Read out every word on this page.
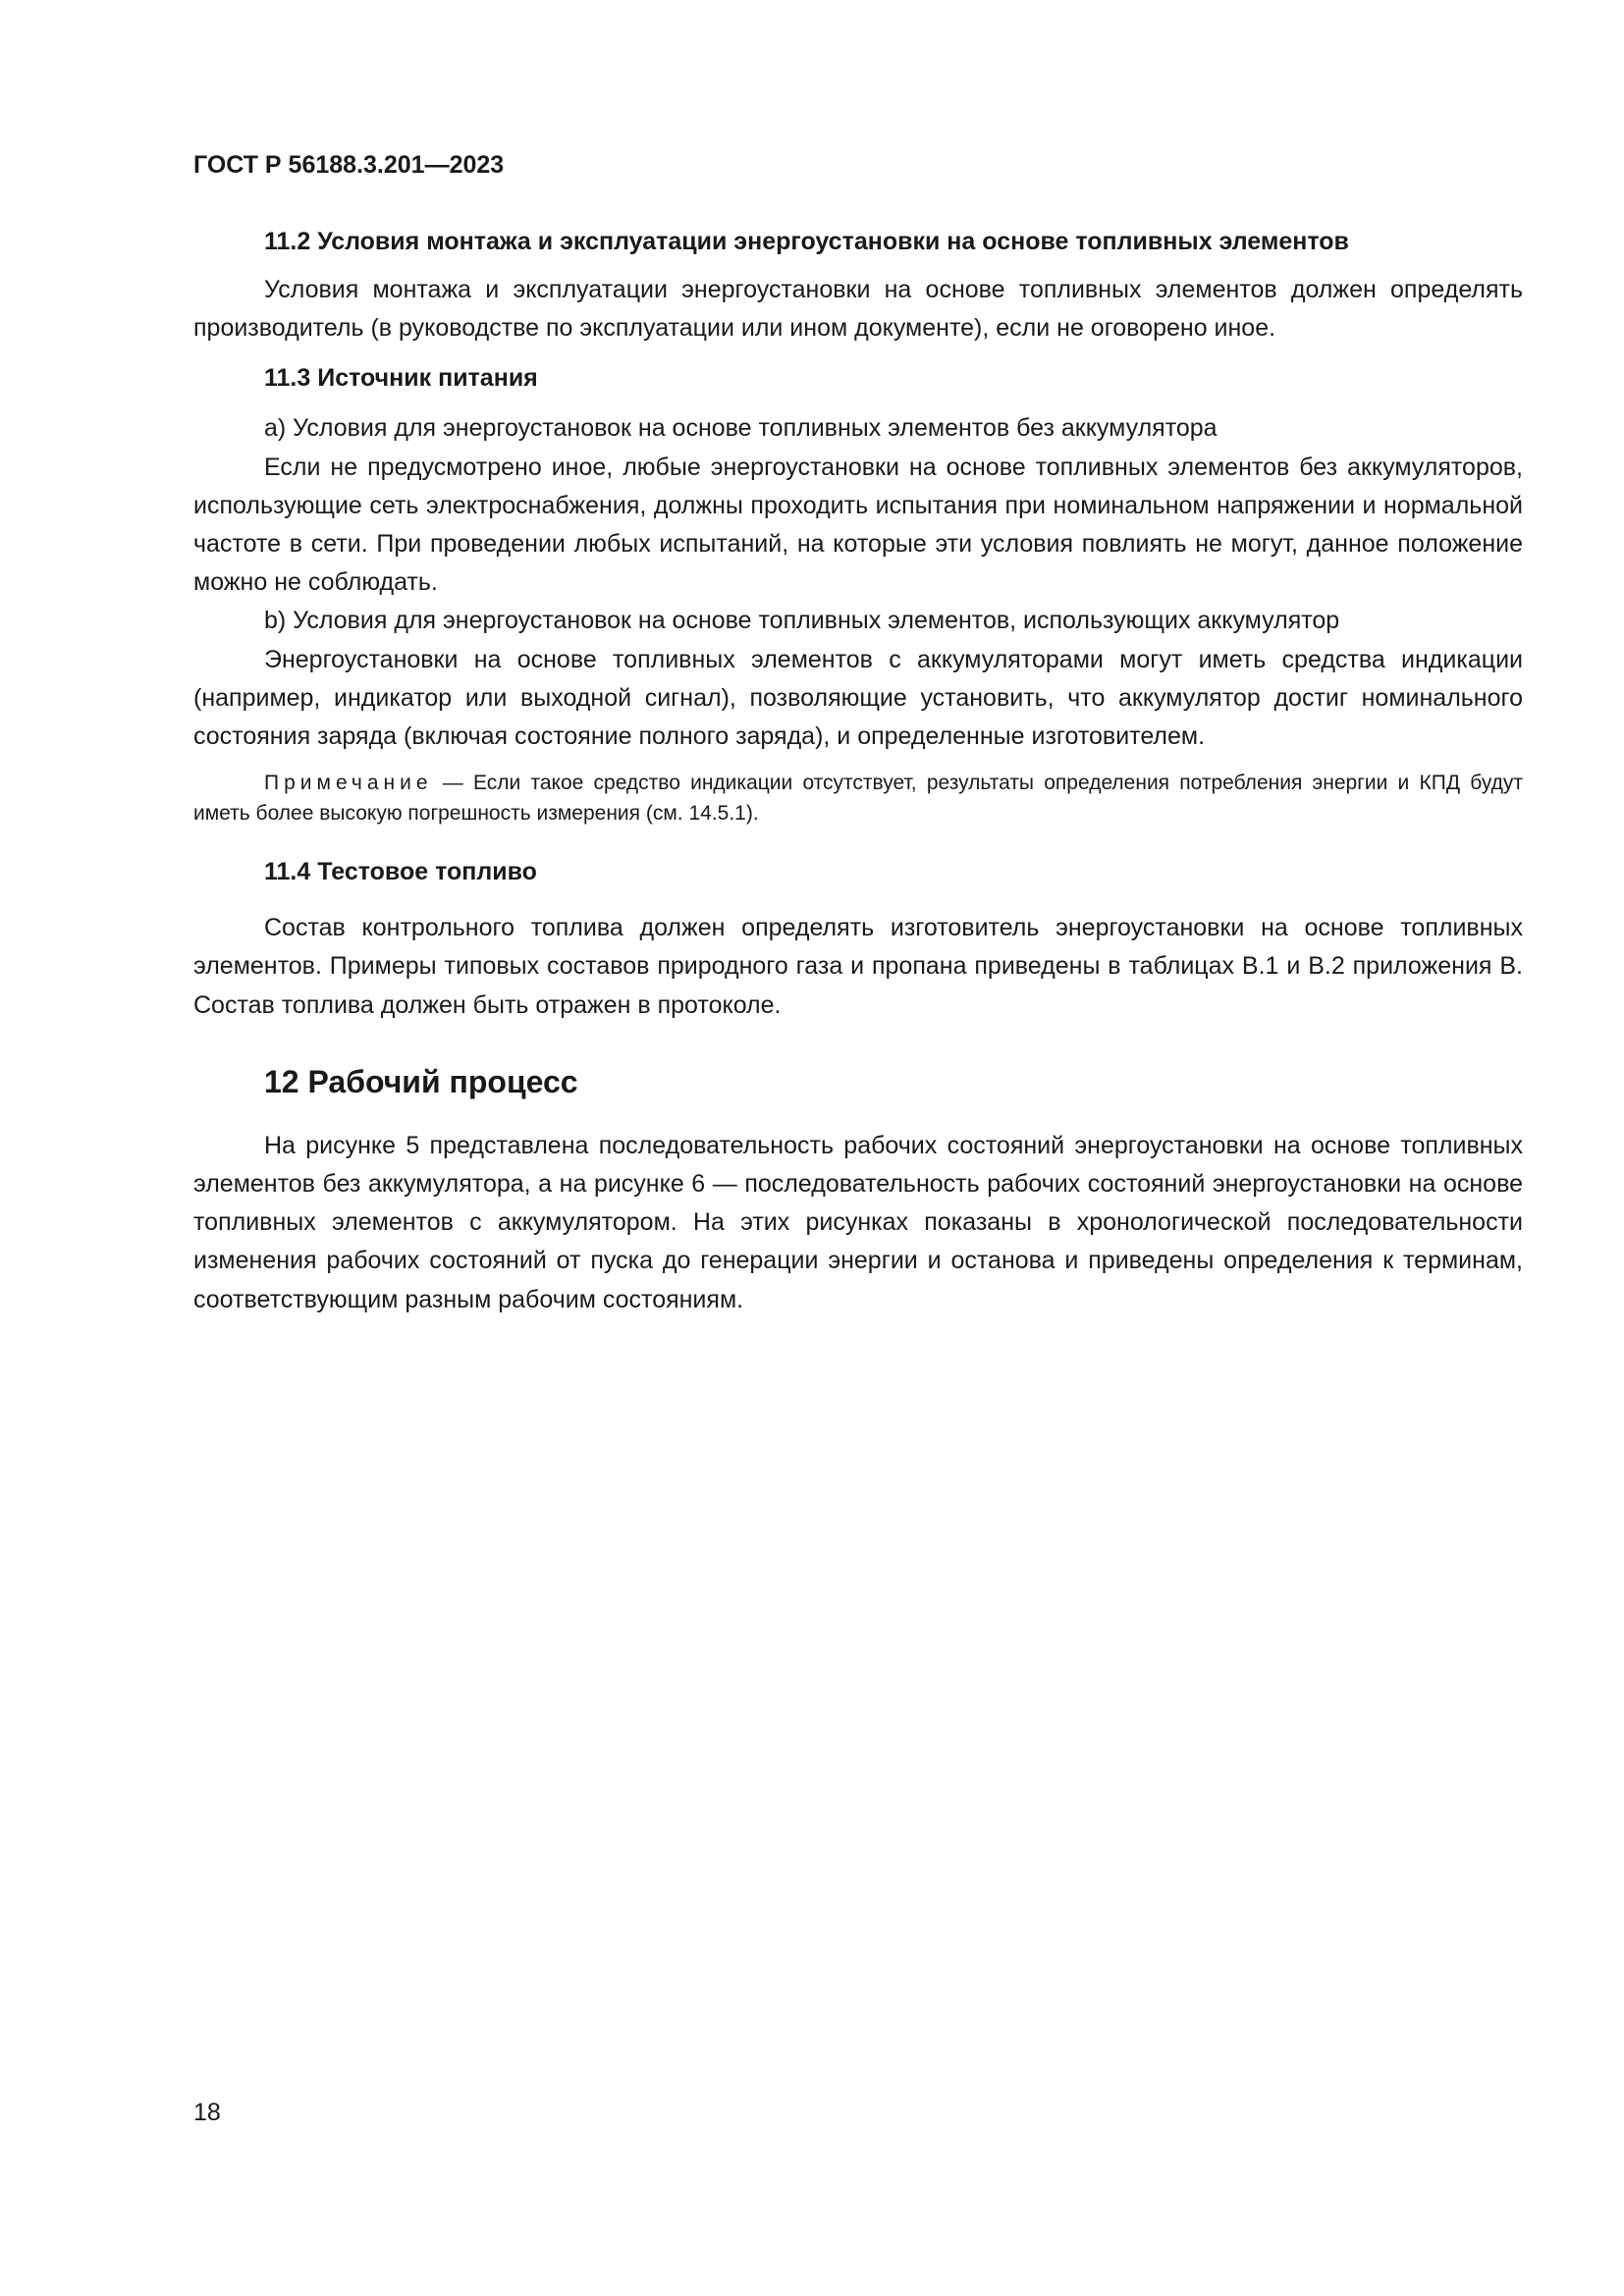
ГОСТ Р 56188.3.201—2023

11.2 Условия монтажа и эксплуатации энергоустановки на основе топливных элементов

Условия монтажа и эксплуатации энергоустановки на основе топливных элементов должен определять производитель (в руководстве по эксплуатации или ином документе), если не оговорено иное.

11.3 Источник питания

a) Условия для энергоустановок на основе топливных элементов без аккумулятора

Если не предусмотрено иное, любые энергоустановки на основе топливных элементов без аккумуляторов, использующие сеть электроснабжения, должны проходить испытания при номинальном напряжении и нормальной частоте в сети. При проведении любых испытаний, на которые эти условия повлиять не могут, данное положение можно не соблюдать.

b) Условия для энергоустановок на основе топливных элементов, использующих аккумулятор

Энергоустановки на основе топливных элементов с аккумуляторами могут иметь средства индикации (например, индикатор или выходной сигнал), позволяющие установить, что аккумулятор достиг номинального состояния заряда (включая состояние полного заряда), и определенные изготовителем.

Примечание — Если такое средство индикации отсутствует, результаты определения потребления энергии и КПД будут иметь более высокую погрешность измерения (см. 14.5.1).

11.4 Тестовое топливо

Состав контрольного топлива должен определять изготовитель энергоустановки на основе топливных элементов. Примеры типовых составов природного газа и пропана приведены в таблицах В.1 и В.2 приложения В. Состав топлива должен быть отражен в протоколе.

12 Рабочий процесс

На рисунке 5 представлена последовательность рабочих состояний энергоустановки на основе топливных элементов без аккумулятора, а на рисунке 6 — последовательность рабочих состояний энергоустановки на основе топливных элементов с аккумулятором. На этих рисунках показаны в хронологической последовательности изменения рабочих состояний от пуска до генерации энергии и останова и приведены определения к терминам, соответствующим разным рабочим состояниям.

18
